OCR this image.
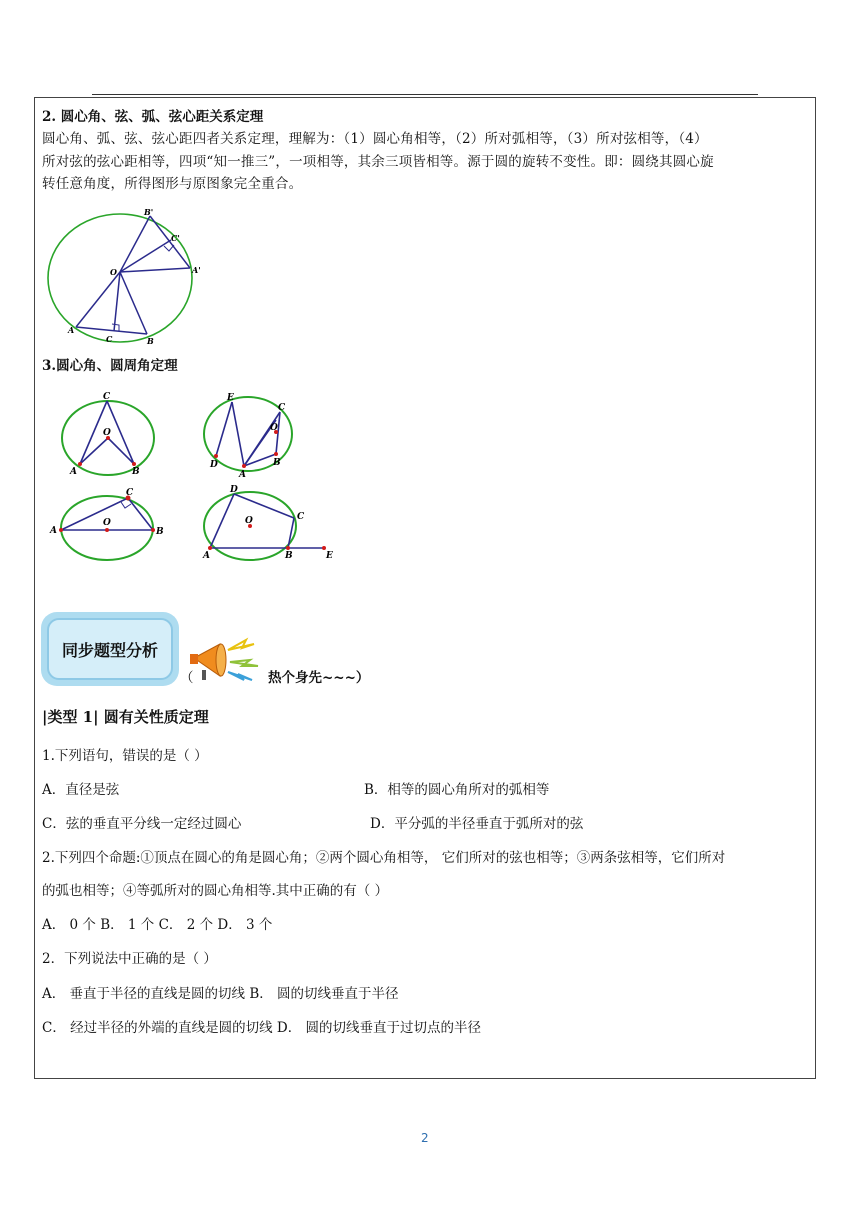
2. 圆心角、弦、弧、弦心距关系定理
圆心角、弧、弦、弦心距四者关系定理，理解为：（1）圆心角相等，（2）所对弧相等，（3）所对弦相等，（4）
所对弦的弦心距相等，四项“知一推三”，一项相等，其余三项皆相等。源于圆的旋转不变性。即：圆绕其圆心旋
转任意角度，所得图形与原图象完全重合。
B'
C'
A'
O
A
C	B
3.圆心角、圆周角定理
C
O
A	B
E
C
O
D
A
B
C
A
O
B
D
C
O
A	B	E
同步题型分析
（	热个身先~~~）
|类型 1| 圆有关性质定理
1.下列语句，错误的是（ ）
A．直径是弦	B．相等的圆心角所对的弧相等
C．弦的垂直平分线一定经过圆心	D．平分弧的半径垂直于弧所对的弦
2.下列四个命题:①顶点在圆心的角是圆心角；②两个圆心角相等， 它们所对的弦也相等；③两条弦相等，它们所对
的弧也相等；④等弧所对的圆心角相等.其中正确的有（ ）
A． 0 个 B． 1 个 C． 2 个 D． 3 个
2．下列说法中正确的是（ ）
A． 垂直于半径的直线是圆的切线 B． 圆的切线垂直于半径
C． 经过半径的外端的直线是圆的切线 D． 圆的切线垂直于过切点的半径
2
